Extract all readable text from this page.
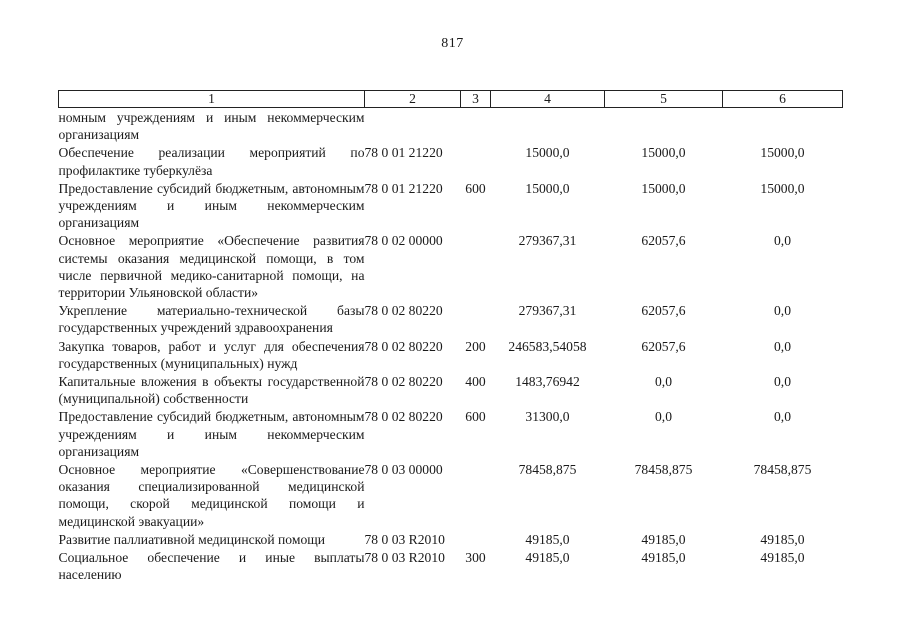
817
1	2	3	4	5	6
номным учреждениям и иным некоммерческим организациям					
Обеспечение реализации мероприятий по профилактике туберкулёза	78 0 01 21220		15000,0	15000,0	15000,0
Предоставление субсидий бюджетным, автономным учреждениям и иным некоммерческим организациям	78 0 01 21220	600	15000,0	15000,0	15000,0
Основное мероприятие «Обеспечение развития системы оказания медицинской помощи, в том числе первичной медико-санитарной помощи, на территории Ульяновской области»	78 0 02 00000		279367,31	62057,6	0,0
Укрепление материально-технической базы государственных учреждений здравоохранения	78 0 02 80220		279367,31	62057,6	0,0
Закупка товаров, работ и услуг для обеспечения государственных (муниципальных) нужд	78 0 02 80220	200	246583,54058	62057,6	0,0
Капитальные вложения в объекты государственной (муниципальной) собственности	78 0 02 80220	400	1483,76942	0,0	0,0
Предоставление субсидий бюджетным, автономным учреждениям и иным некоммерческим организациям	78 0 02 80220	600	31300,0	0,0	0,0
Основное мероприятие «Совершенствование оказания специализированной медицинской помощи, скорой медицинской помощи и медицинской эвакуации»	78 0 03 00000		78458,875	78458,875	78458,875
Развитие паллиативной медицинской помощи	78 0 03 R2010		49185,0	49185,0	49185,0
Социальное обеспечение и иные выплаты населению	78 0 03 R2010	300	49185,0	49185,0	49185,0
